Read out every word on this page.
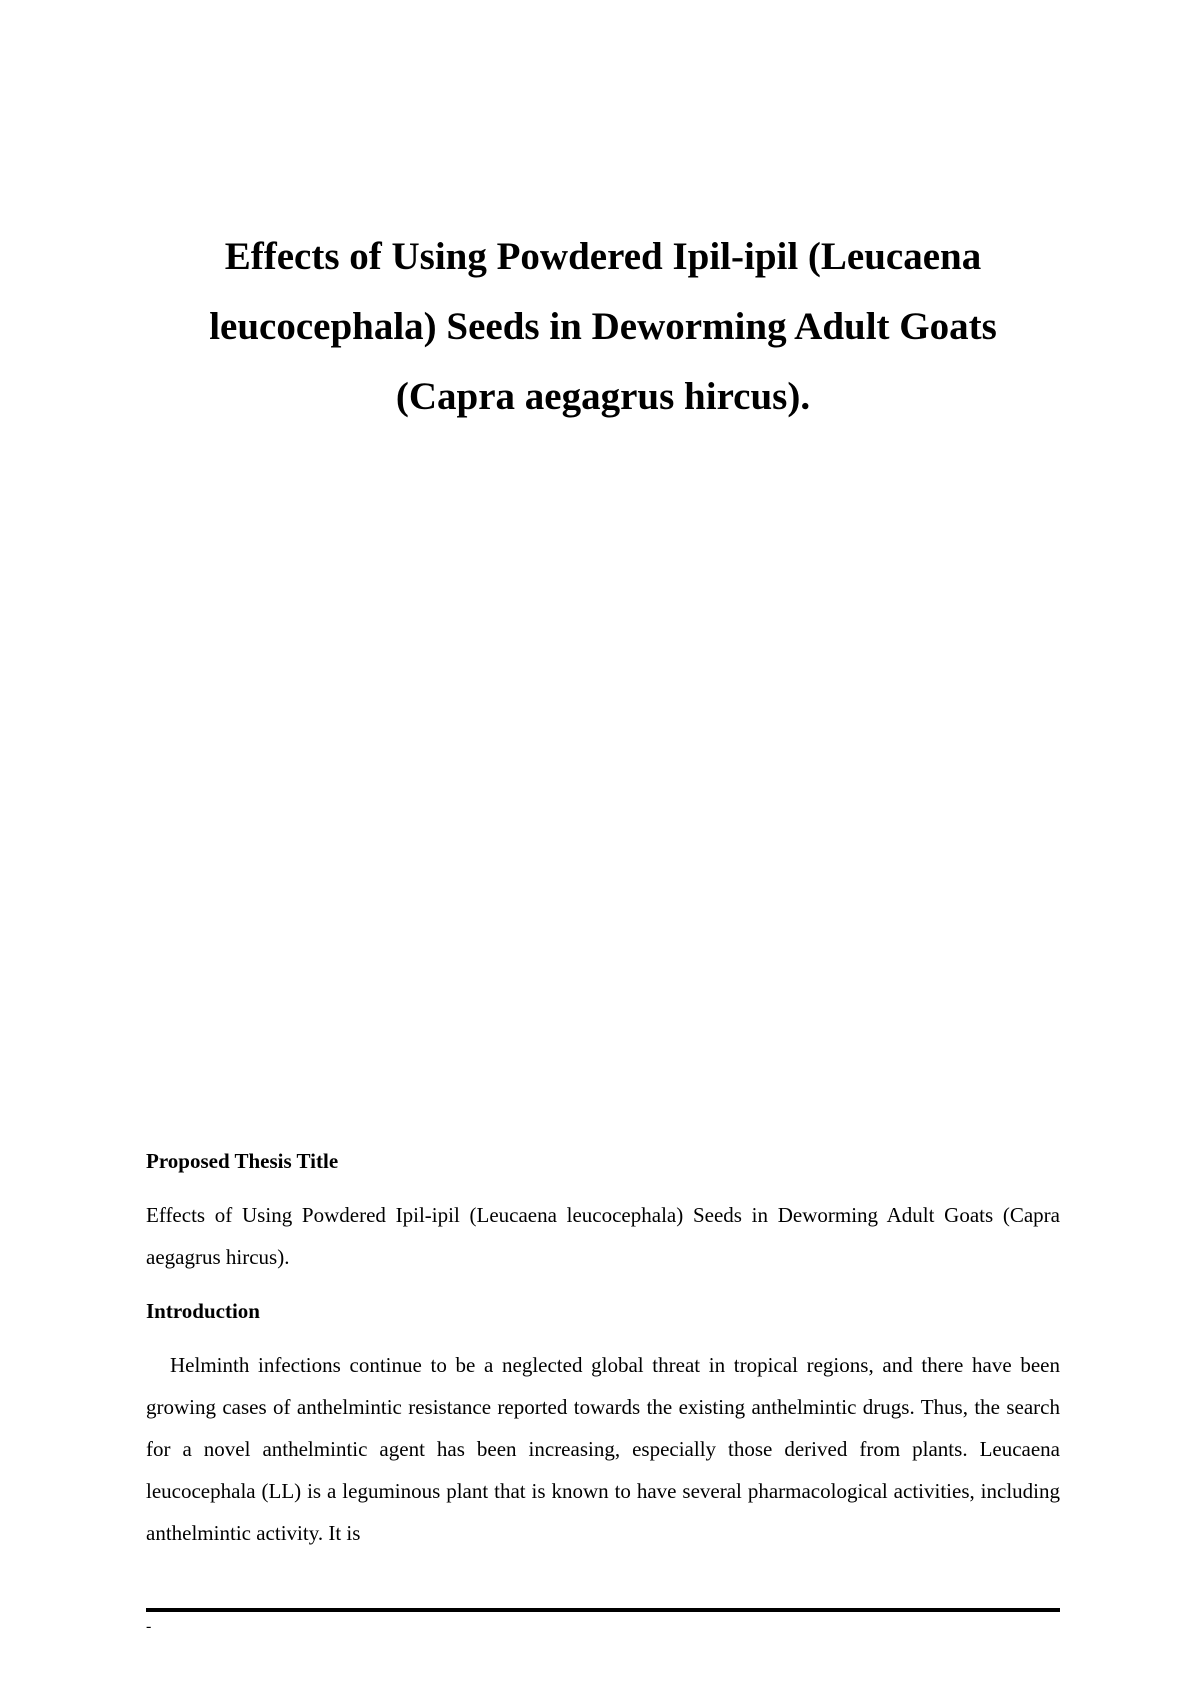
Effects of Using Powdered Ipil-ipil (Leucaena

leucocephala) Seeds in Deworming Adult Goats

(Capra aegagrus hircus).

Proposed Thesis Title

Effects of Using Powdered Ipil-ipil (Leucaena leucocephala) Seeds in Deworming Adult Goats (Capra aegagrus hircus).

Introduction

Helminth infections continue to be a neglected global threat in tropical regions, and there have been growing cases of anthelmintic resistance reported towards the existing anthelmintic drugs. Thus, the search for a novel anthelmintic agent has been increasing, especially those derived from plants. Leucaena leucocephala (LL) is a leguminous plant that is known to have several pharmacological activities, including anthelmintic activity. It is

-
